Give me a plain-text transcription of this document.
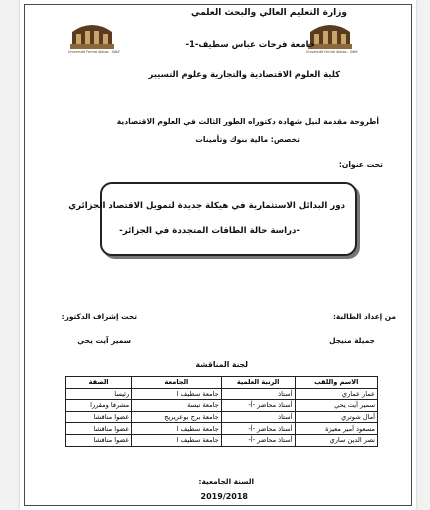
Université Ferhat Abbas - Sétif	Université Ferhat Abbas - Sétif
وزارة التعليم العالي والبحث العلمي
جامعة فرحات عباس سطيف-1-
كلية العلوم الاقتصادية والتجارية وعلوم التسيير
أطروحة مقدمة لنيل شهادة دكتوراه الطور الثالث في العلوم الاقتصادية
تخصص: مالية بنوك وتأمينات
تحت عنوان:
دور البدائل الاستثمارية في هيكلة جديدة لتمويل الاقتصاد الجزائري
-دراسة حالة الطاقات المتجددة في الجزائر-
من إعداد الطالبة:
جميلة منيجل
تحت إشراف الدكتور:
سمير آيت يحي
لجنة المناقشة
الاسم واللقب	الرتبة العلمية	الجامعة	الصفة
عمار عماري	أستاذ	جامعة سطيف ا	رئيسا
سمير آيت يحي	أستاذ محاضر -أ-	جامعة تبسة	مشرفا ومقررا
آمال شوتري	أستاذ	جامعة برج بوعريريج	عضوا مناقشا
مسعود آمير معيزة	أستاذ محاضر -أ-	جامعة سطيف ا	عضوا مناقشا
نصر الدين ساري	أستاذ محاضر -أ-	جامعة سطيف ا	عضوا مناقشا
السنة الجامعية:
2019/2018
